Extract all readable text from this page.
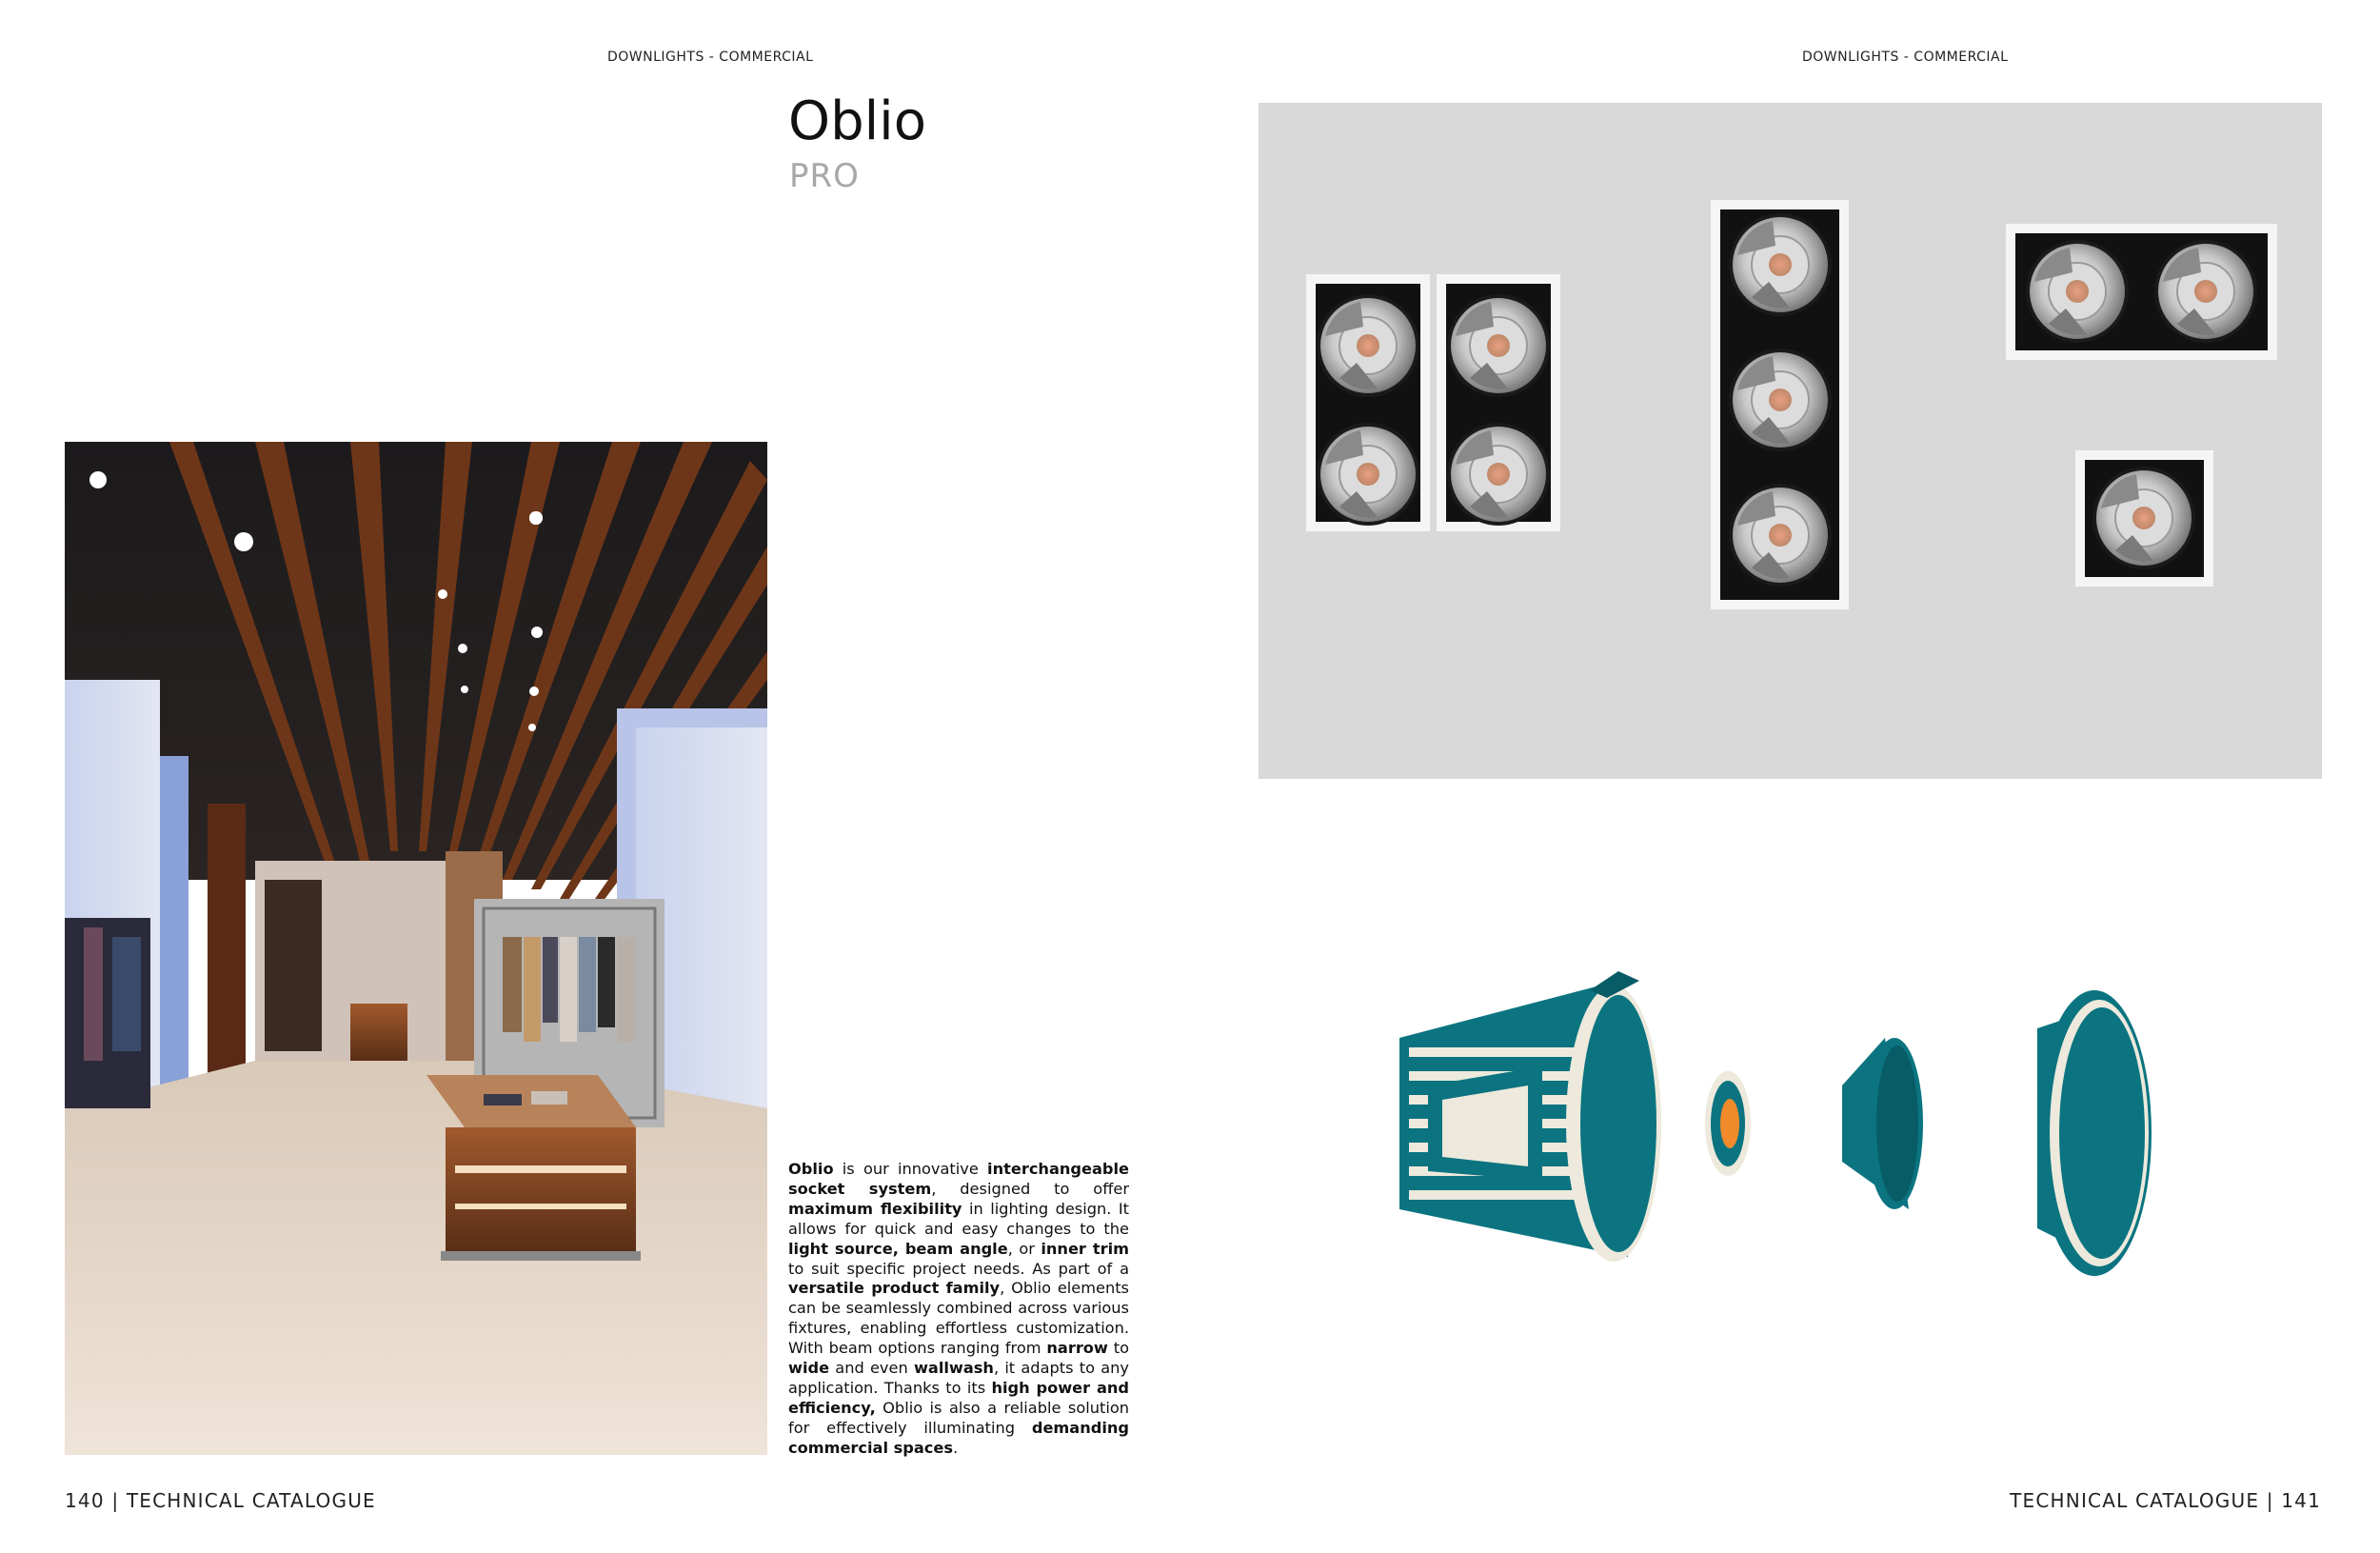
DOWNLIGHTS - COMMERCIAL	DOWNLIGHTS - COMMERCIAL
Oblio
PRO
Oblio is our innovative interchangeable socket system, designed to offer maximum flexibility in lighting design. It allows for quick and easy changes to the light source, beam angle, or inner trim to suit specific project needs. As part of a versatile product family, Oblio elements can be seamlessly combined across various fixtures, enabling effortless customization. With beam options ranging from narrow to wide and even wallwash, it adapts to any application. Thanks to its high power and efficiency, Oblio is also a reliable solution for effectively illuminating demanding commercial spaces.
140 | TECHNICAL CATALOGUE	TECHNICAL CATALOGUE | 141
